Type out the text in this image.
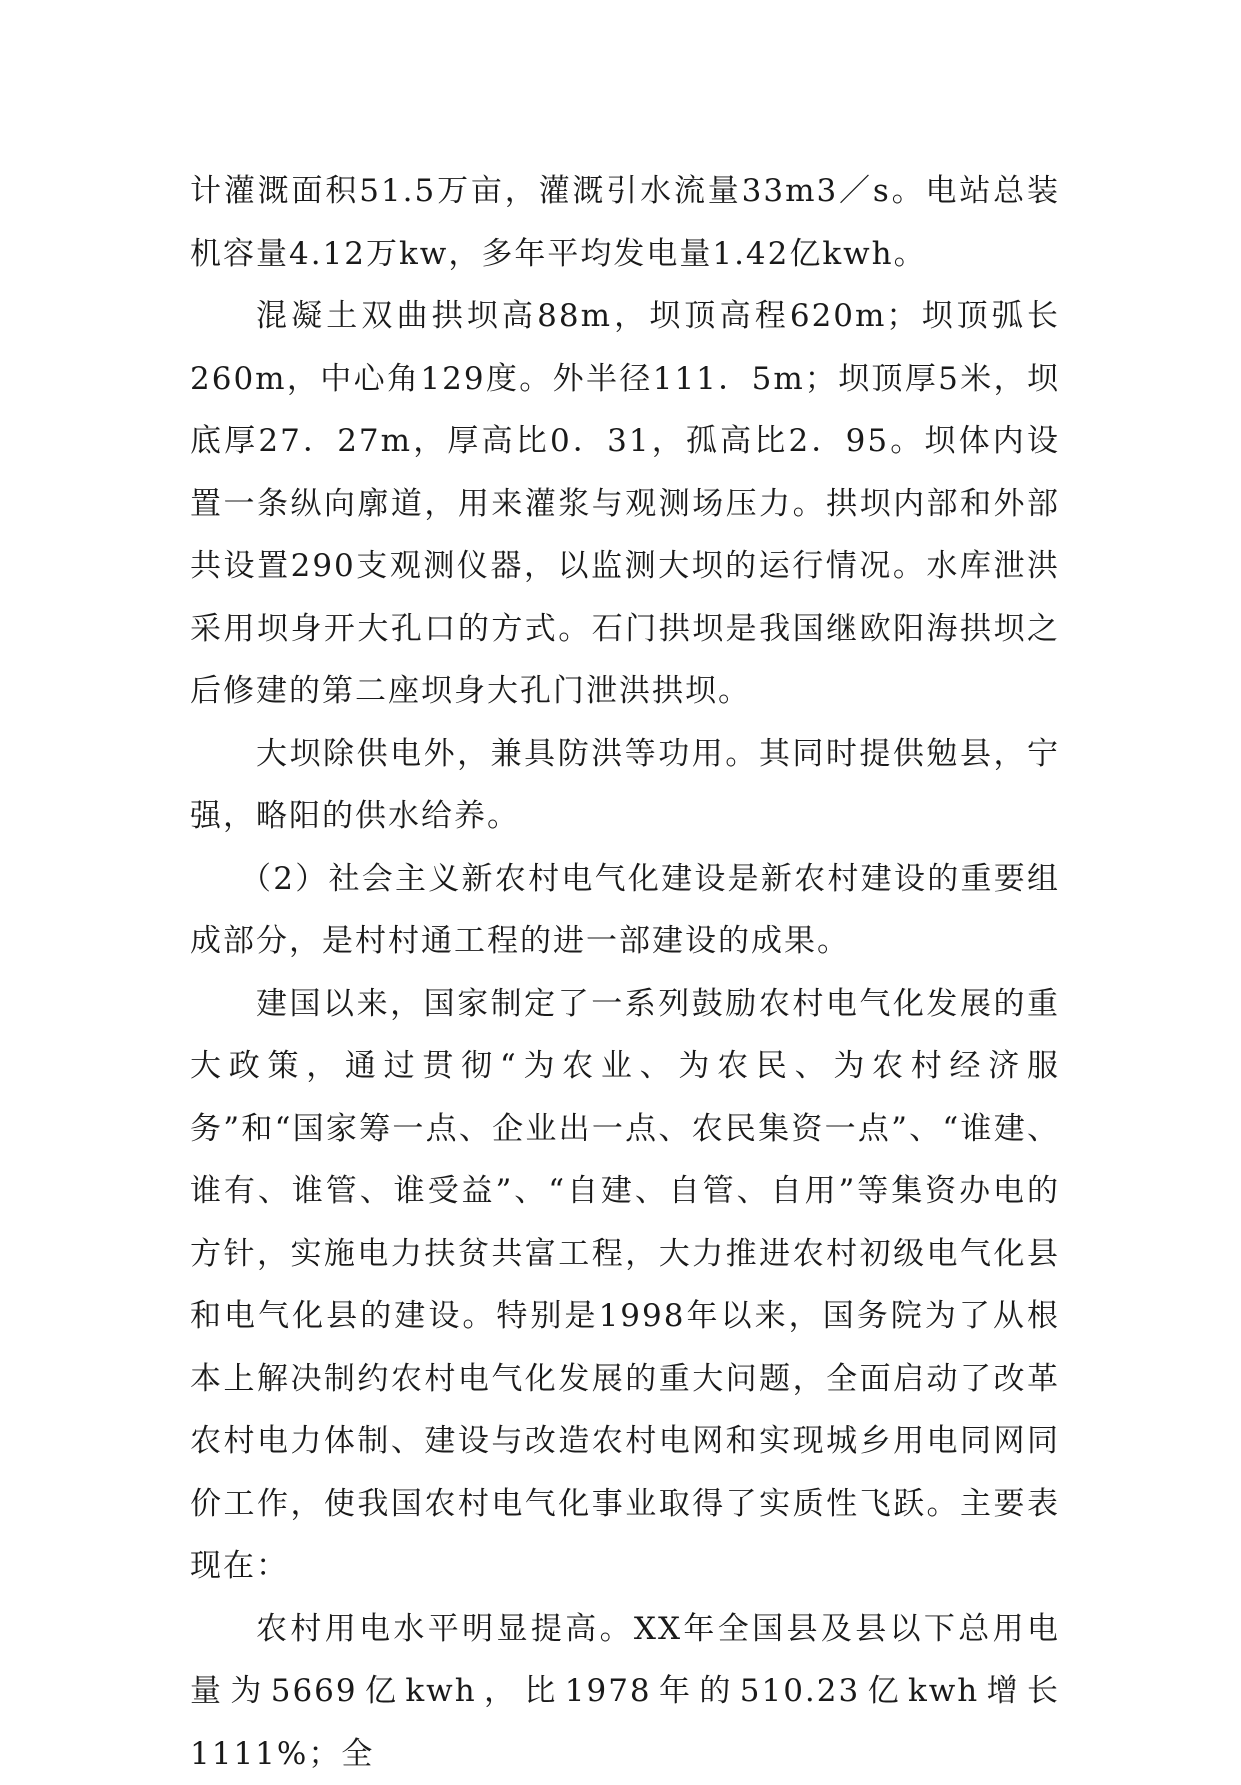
计灌溉面积51.5万亩，灌溉引水流量33m3／s。电站总装机容量4.12万kw，多年平均发电量1.42亿kwh。

混凝土双曲拱坝高88m，坝顶高程620m；坝顶弧长260m，中心角129度。外半径111．5m；坝顶厚5米，坝底厚27．27m，厚高比0．31，孤高比2．95。坝体内设置一条纵向廓道，用来灌浆与观测场压力。拱坝内部和外部共设置290支观测仪器，以监测大坝的运行情况。水库泄洪采用坝身开大孔口的方式。石门拱坝是我国继欧阳海拱坝之后修建的第二座坝身大孔门泄洪拱坝。

大坝除供电外，兼具防洪等功用。其同时提供勉县，宁强，略阳的供水给养。

（2）社会主义新农村电气化建设是新农村建设的重要组成部分，是村村通工程的进一部建设的成果。

建国以来，国家制定了一系列鼓励农村电气化发展的重大政策，通过贯彻“为农业、为农民、为农村经济服务”和“国家筹一点、企业出一点、农民集资一点”、“谁建、谁有、谁管、谁受益”、“自建、自管、自用”等集资办电的方针，实施电力扶贫共富工程，大力推进农村初级电气化县和电气化县的建设。特别是1998年以来，国务院为了从根本上解决制约农村电气化发展的重大问题，全面启动了改革农村电力体制、建设与改造农村电网和实现城乡用电同网同价工作，使我国农村电气化事业取得了实质性飞跃。主要表现在：

农村用电水平明显提高。XX年全国县及县以下总用电量为5669亿kwh，比1978年的510.23亿kwh增长1111%；全
